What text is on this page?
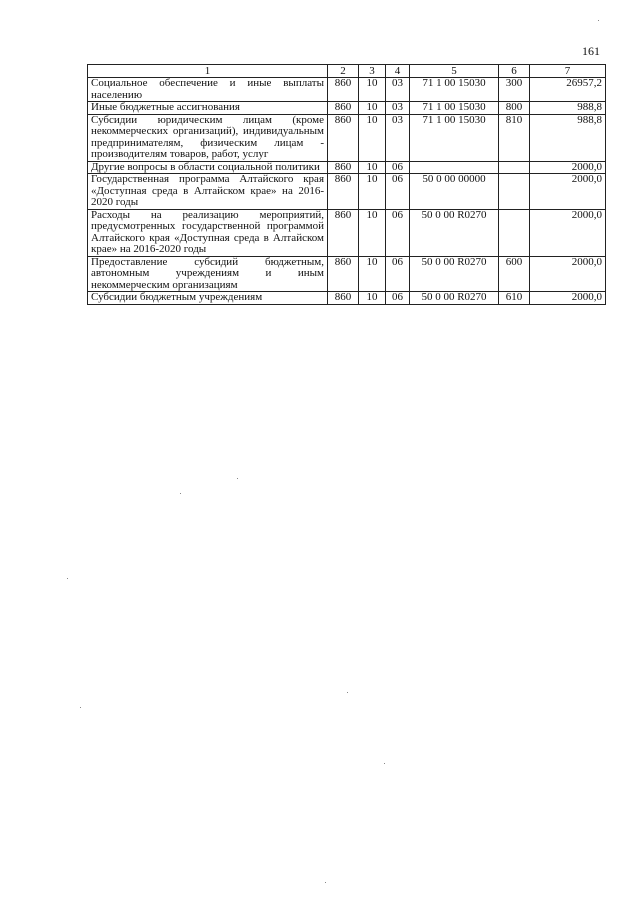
161
1	2	3	4	5	6	7
Социальное обеспечение и иные выплаты населению	860	10	03	71 1 00 15030	300	26957,2
Иные бюджетные ассигнования	860	10	03	71 1 00 15030	800	988,8
Субсидии юридическим лицам (кроме некоммерческих организаций), индивидуальным предпринимателям, физическим лицам - производителям товаров, работ, услуг	860	10	03	71 1 00 15030	810	988,8
Другие вопросы в области социальной политики	860	10	06			2000,0
Государственная программа Алтайского края «Доступная среда в Алтайском крае» на 2016-2020 годы	860	10	06	50 0 00 00000		2000,0
Расходы на реализацию мероприятий, предусмотренных государственной программой Алтайского края «Доступная среда в Алтайском крае» на 2016-2020 годы	860	10	06	50 0 00 R0270		2000,0
Предоставление субсидий бюджетным, автономным учреждениям и иным некоммерческим организациям	860	10	06	50 0 00 R0270	600	2000,0
Субсидии бюджетным учреждениям	860	10	06	50 0 00 R0270	610	2000,0
